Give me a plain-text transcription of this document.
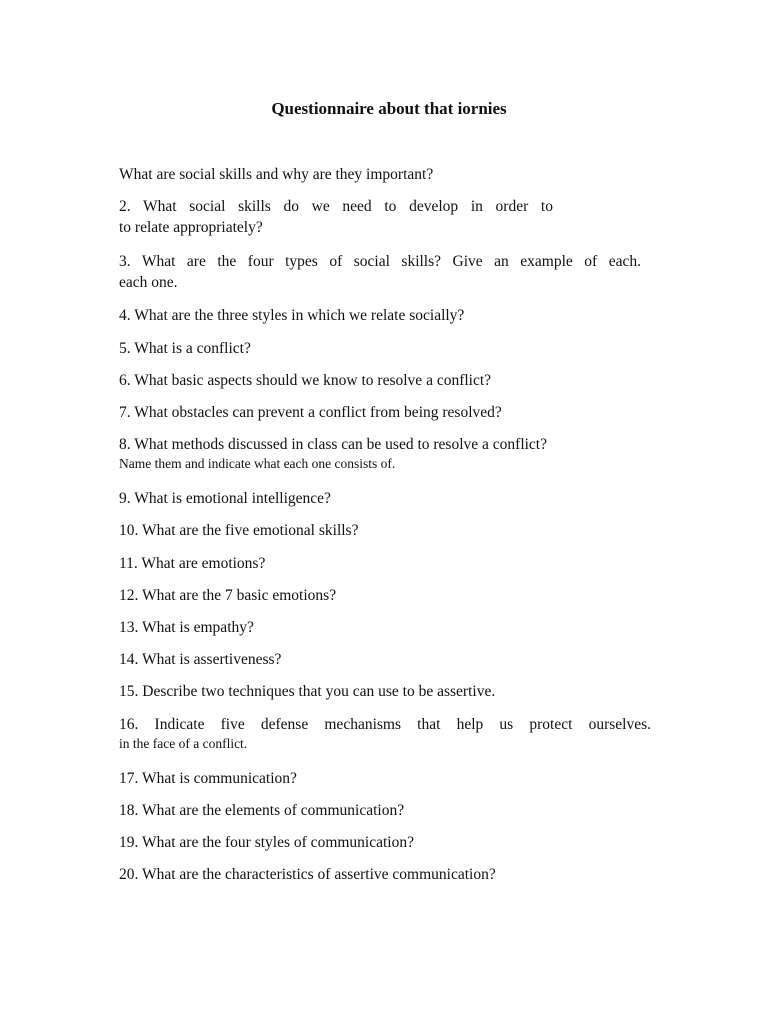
Questionnaire about that iornies

What are social skills and why are they important?

2. What social skills do we need to develop in order to
to relate appropriately?

3. What are the four types of social skills? Give an example of each.
each one.

4. What are the three styles in which we relate socially?

5. What is a conflict?

6. What basic aspects should we know to resolve a conflict?

7. What obstacles can prevent a conflict from being resolved?

8. What methods discussed in class can be used to resolve a conflict?
Name them and indicate what each one consists of.

9. What is emotional intelligence?

10. What are the five emotional skills?

11. What are emotions?

12. What are the 7 basic emotions?

13. What is empathy?

14. What is assertiveness?

15. Describe two techniques that you can use to be assertive.

16. Indicate five defense mechanisms that help us protect ourselves.
in the face of a conflict.

17. What is communication?

18. What are the elements of communication?

19. What are the four styles of communication?

20. What are the characteristics of assertive communication?
